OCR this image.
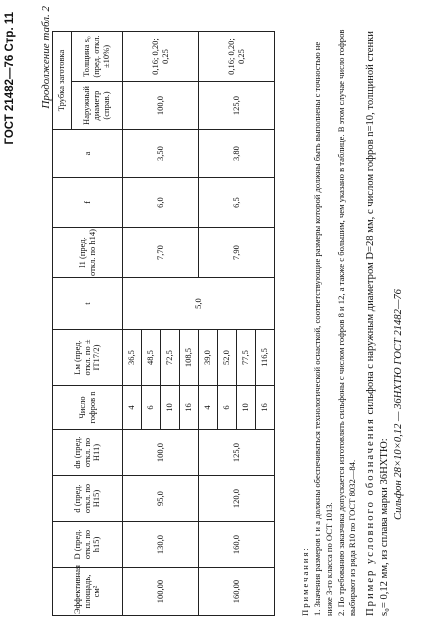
ГОСТ 21482—76 Стр. 11 Продолжение табл. 2
Эффективная площадь, см²	D (пред. откл. по h15)	d (пред. откл. по H15)	dв (пред. откл. по H11)	Число гофров n	Lм (пред. откл. по ± IT17/2)	t	l1 (пред. откл. по h14)	f	a	Трубка заготовка	
										Наружный диаметр (справ.)	Толщина s₀ (пред. откл. ±10%)
100,00	130,0	95,0	100,0	4	36,5	5,0	7,70	6,0	3,50	100,0	0,16; 0,20; 0,25
				6	48,5						
				10	72,5						
				16	108,5						
160,00	160,0	120,0	125,0	4	39,0		7,90	6,5	3,80	125,0	0,16; 0,20; 0,25
				6	52,0						
				10	77,5						
				16	116,5						

Примечания: 1. Значения размеров t и a должны обеспечиваться технологической оснасткой, соответствующие размеры которой должны быть выполнены с точностью не ниже 3-го класса по ОСТ 1013. 2. По требованию заказчика допускается изготовлять сильфоны с числом гофров 8 и 12, а также с большим, чем указано в таблице. В этом случае число гофров выбирают из ряда R10 по ГОСТ 8032—84. Пример условного обозначения сильфона с наружным диаметром D=28 мм, с числом гофров n=10, толщиной стенки s₀= 0,12 мм, из сплава марки 36НХТЮ:

Сильфон 28×10×0,12 — 36НХТЮ ГОСТ 21482—76
